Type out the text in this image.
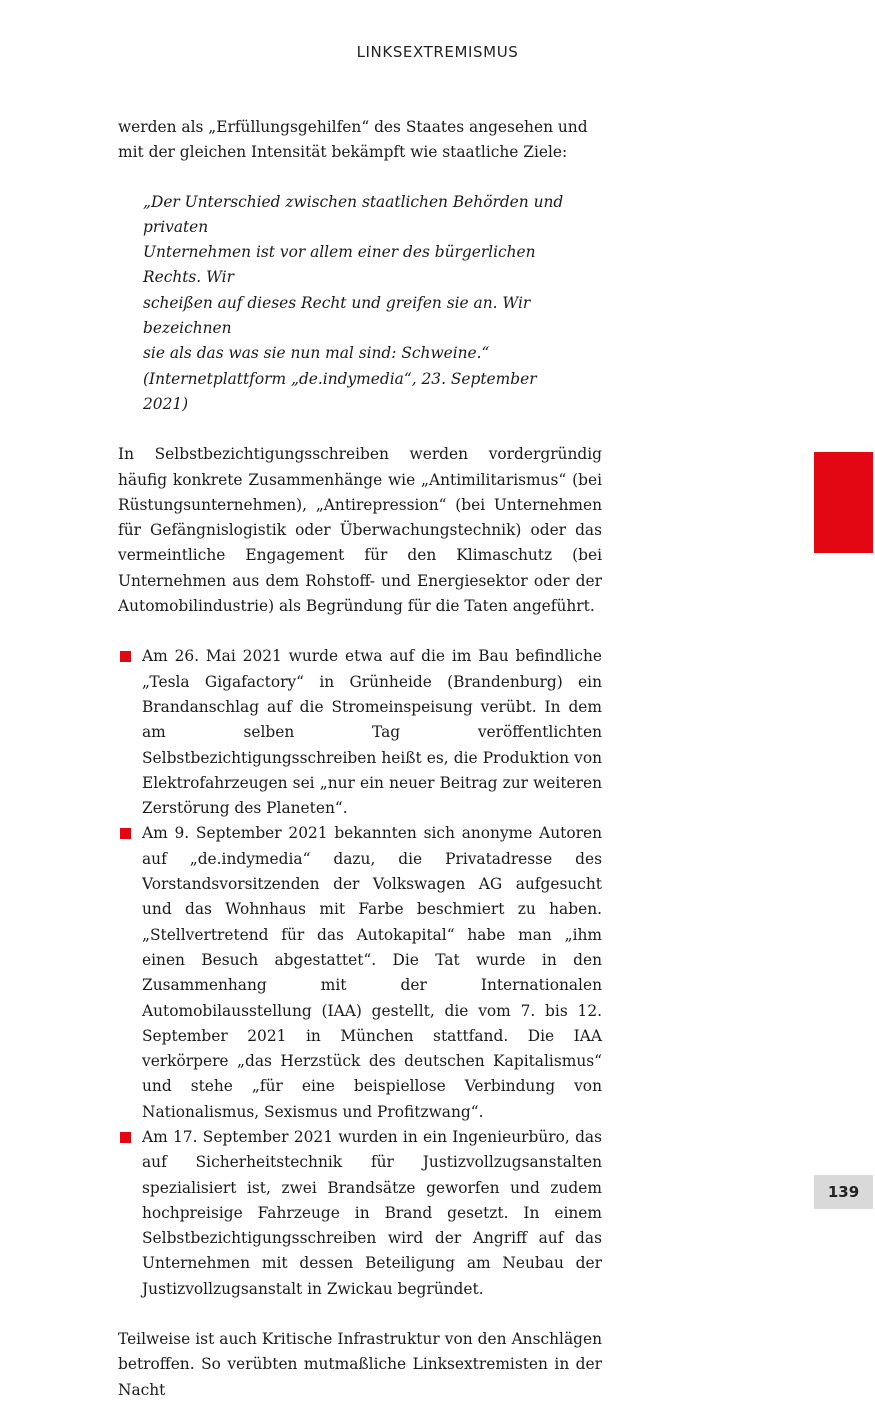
LINKSEXTREMISMUS

werden als „Erfüllungsgehilfen“ des Staates angesehen und mit der gleichen Intensität bekämpft wie staatliche Ziele:

„Der Unterschied zwischen staatlichen Behörden und privaten
Unternehmen ist vor allem einer des bürgerlichen Rechts. Wir
scheißen auf dieses Recht und greifen sie an. Wir bezeichnen
sie als das was sie nun mal sind: Schweine.“
(Internetplattform „de.indymedia“, 23. September 2021)

In Selbstbezichtigungsschreiben werden vordergründig häufig konkrete Zusammenhänge wie „Antimilitarismus“ (bei Rüstungsunternehmen), „Antirepression“ (bei Unternehmen für Gefängnislogistik oder Überwachungstechnik) oder das vermeintliche Engagement für den Klimaschutz (bei Unternehmen aus dem Rohstoff- und Energiesektor oder der Automobilindustrie) als Begründung für die Taten angeführt.

Am 26. Mai 2021 wurde etwa auf die im Bau befindliche „Tesla Gigafactory“ in Grünheide (Brandenburg) ein Brandanschlag auf die Stromeinspeisung verübt. In dem am selben Tag veröffentlichten Selbstbezichtigungsschreiben heißt es, die Produktion von Elektrofahrzeugen sei „nur ein neuer Beitrag zur weiteren Zerstörung des Planeten“.
Am 9. September 2021 bekannten sich anonyme Autoren auf „de.indymedia“ dazu, die Privatadresse des Vorstandsvorsitzenden der Volkswagen AG aufgesucht und das Wohnhaus mit Farbe beschmiert zu haben. „Stellvertretend für das Autokapital“ habe man „ihm einen Besuch abgestattet“. Die Tat wurde in den Zusammenhang mit der Internationalen Automobilausstellung (IAA) gestellt, die vom 7. bis 12. September 2021 in München stattfand. Die IAA verkörpere „das Herzstück des deutschen Kapitalismus“ und stehe „für eine beispiellose Verbindung von Nationalismus, Sexismus und Profitzwang“.
Am 17. September 2021 wurden in ein Ingenieurbüro, das auf Sicherheitstechnik für Justizvollzugsanstalten spezialisiert ist, zwei Brandsätze geworfen und zudem hochpreisige Fahrzeuge in Brand gesetzt. In einem Selbstbezichtigungsschreiben wird der Angriff auf das Unternehmen mit dessen Beteiligung am Neubau der Justizvollzugsanstalt in Zwickau begründet.

Teilweise ist auch Kritische Infrastruktur von den Anschlägen betroffen. So verübten mutmaßliche Linksextremisten in der Nacht

139
